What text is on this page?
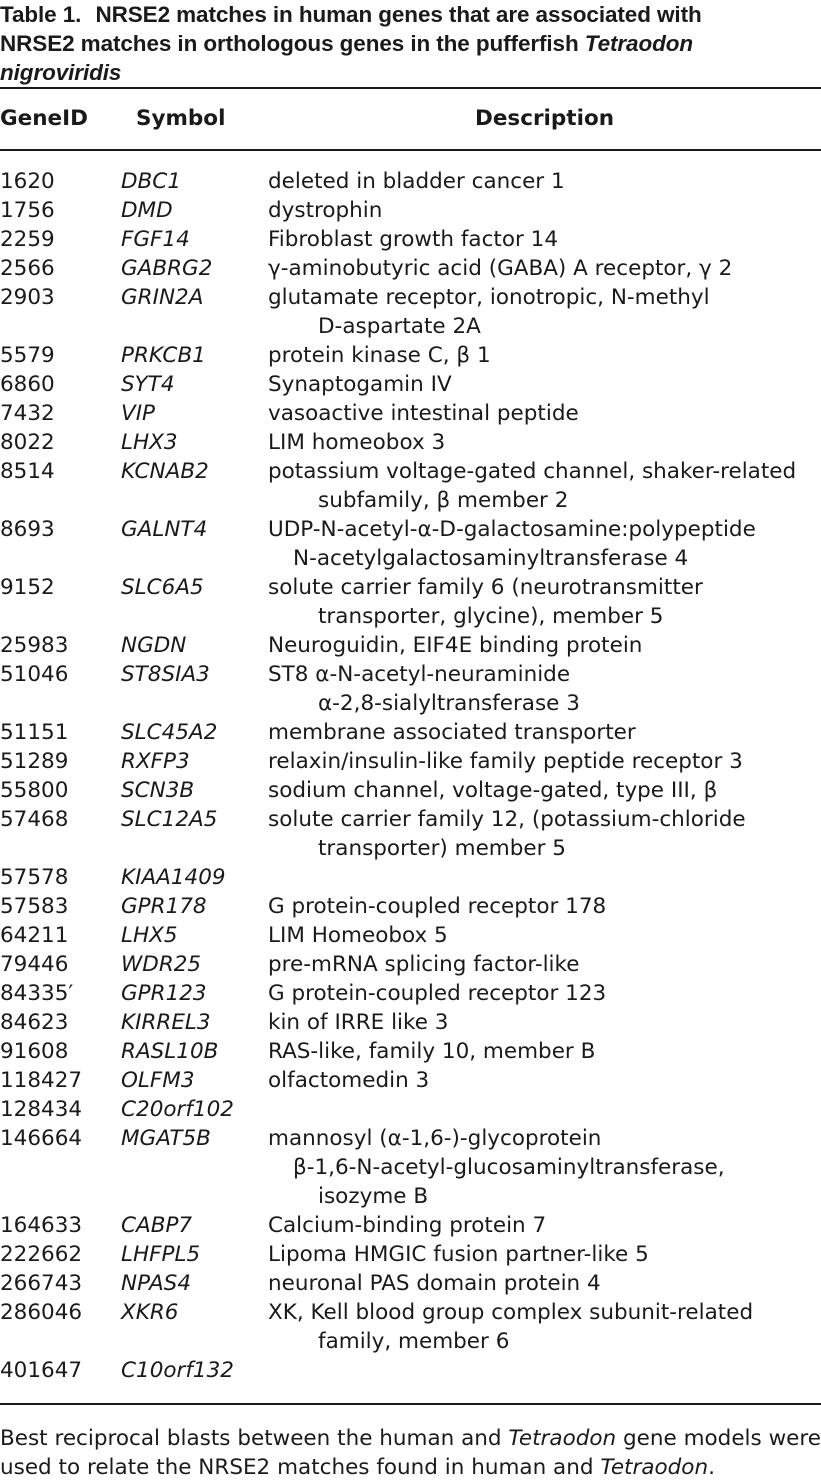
Table 1. NRSE2 matches in human genes that are associated with
NRSE2 matches in orthologous genes in the pufferfish Tetraodon
nigroviridis
GeneID Symbol	Description
1620	DBC1	deleted in bladder cancer 1
1756	DMD	dystrophin
2259	FGF14	Fibroblast growth factor 14
2566	GABRG2	γ-aminobutyric acid (GABA) A receptor, γ 2
2903	GRIN2A	glutamate receptor, ionotropic, N-methyl
D-aspartate 2A
5579	PRKCB1	protein kinase C, β 1
6860	SYT4	Synaptogamin IV
7432	VIP	vasoactive intestinal peptide
8022	LHX3	LIM homeobox 3
8514	KCNAB2	potassium voltage-gated channel, shaker-related
subfamily, β member 2
8693	GALNT4	UDP-N-acetyl-α-D-galactosamine:polypeptide
N-acetylgalactosaminyltransferase 4
9152	SLC6A5	solute carrier family 6 (neurotransmitter
transporter, glycine), member 5
25983 NGDN	Neuroguidin, EIF4E binding protein
51046 ST8SIA3	ST8 α-N-acetyl-neuraminide
α-2,8-sialyltransferase 3
51151 SLC45A2 membrane associated transporter
51289 RXFP3	relaxin/insulin-like family peptide receptor 3
55800 SCN3B	sodium channel, voltage-gated, type III, β
57468 SLC12A5 solute carrier family 12, (potassium-chloride
transporter) member 5
57578 KIAA1409
57583 GPR178	G protein-coupled receptor 178
64211 LHX5	LIM Homeobox 5
79446 WDR25	pre-mRNA splicing factor-like
84335′ GPR123	G protein-coupled receptor 123
84623 KIRREL3	kin of IRRE like 3
91608 RASL10B RAS-like, family 10, member B
118427 OLFM3	olfactomedin 3
128434 C20orf102
146664 MGAT5B	mannosyl (α-1,6-)-glycoprotein
β-1,6-N-acetyl-glucosaminyltransferase,
isozyme B
164633 CABP7	Calcium-binding protein 7
222662 LHFPL5	Lipoma HMGIC fusion partner-like 5
266743 NPAS4	neuronal PAS domain protein 4
286046 XKR6	XK, Kell blood group complex subunit-related
family, member 6
401647 C10orf132
Best reciprocal blasts between the human and Tetraodon gene models were used to relate the NRSE2 matches found in human and Tetraodon.
